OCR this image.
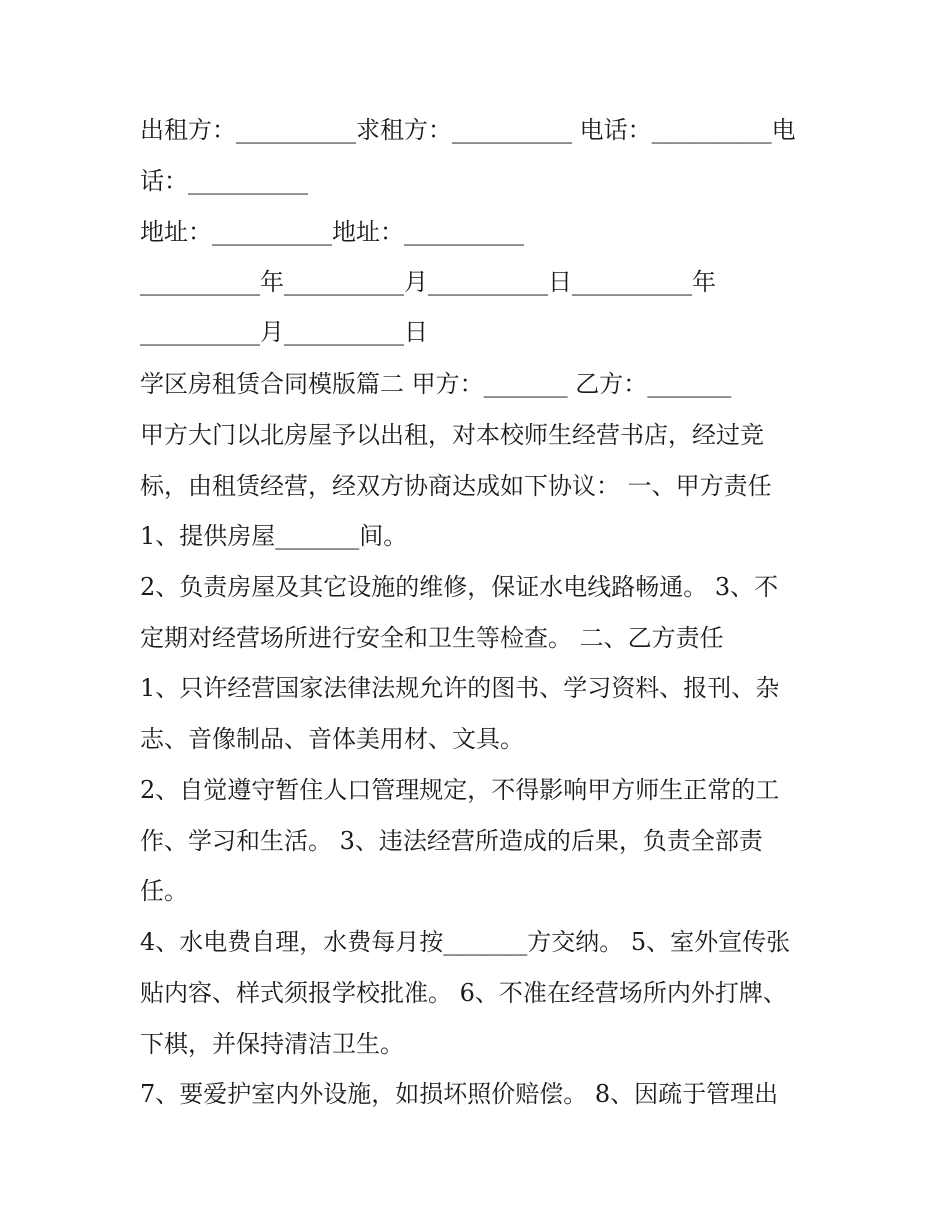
出租方：__________求租方：__________ 电话：__________电
话：__________
地址：__________地址：__________
__________年__________月__________日__________年
__________月__________日
学区房租赁合同模版篇二 甲方：_______ 乙方：_______
甲方大门以北房屋予以出租，对本校师生经营书店，经过竞
标，由租赁经营，经双方协商达成如下协议： 一、甲方责任
1、提供房屋_______间。
2、负责房屋及其它设施的维修，保证水电线路畅通。 3、不
定期对经营场所进行安全和卫生等检查。 二、乙方责任
1、只许经营国家法律法规允许的图书、学习资料、报刊、杂
志、音像制品、音体美用材、文具。
2、自觉遵守暂住人口管理规定，不得影响甲方师生正常的工
作、学习和生活。 3、违法经营所造成的后果，负责全部责
任。
4、水电费自理，水费每月按_______方交纳。 5、室外宣传张
贴内容、样式须报学校批准。 6、不准在经营场所内外打牌、
下棋，并保持清洁卫生。
7、要爱护室内外设施，如损坏照价赔偿。 8、因疏于管理出
